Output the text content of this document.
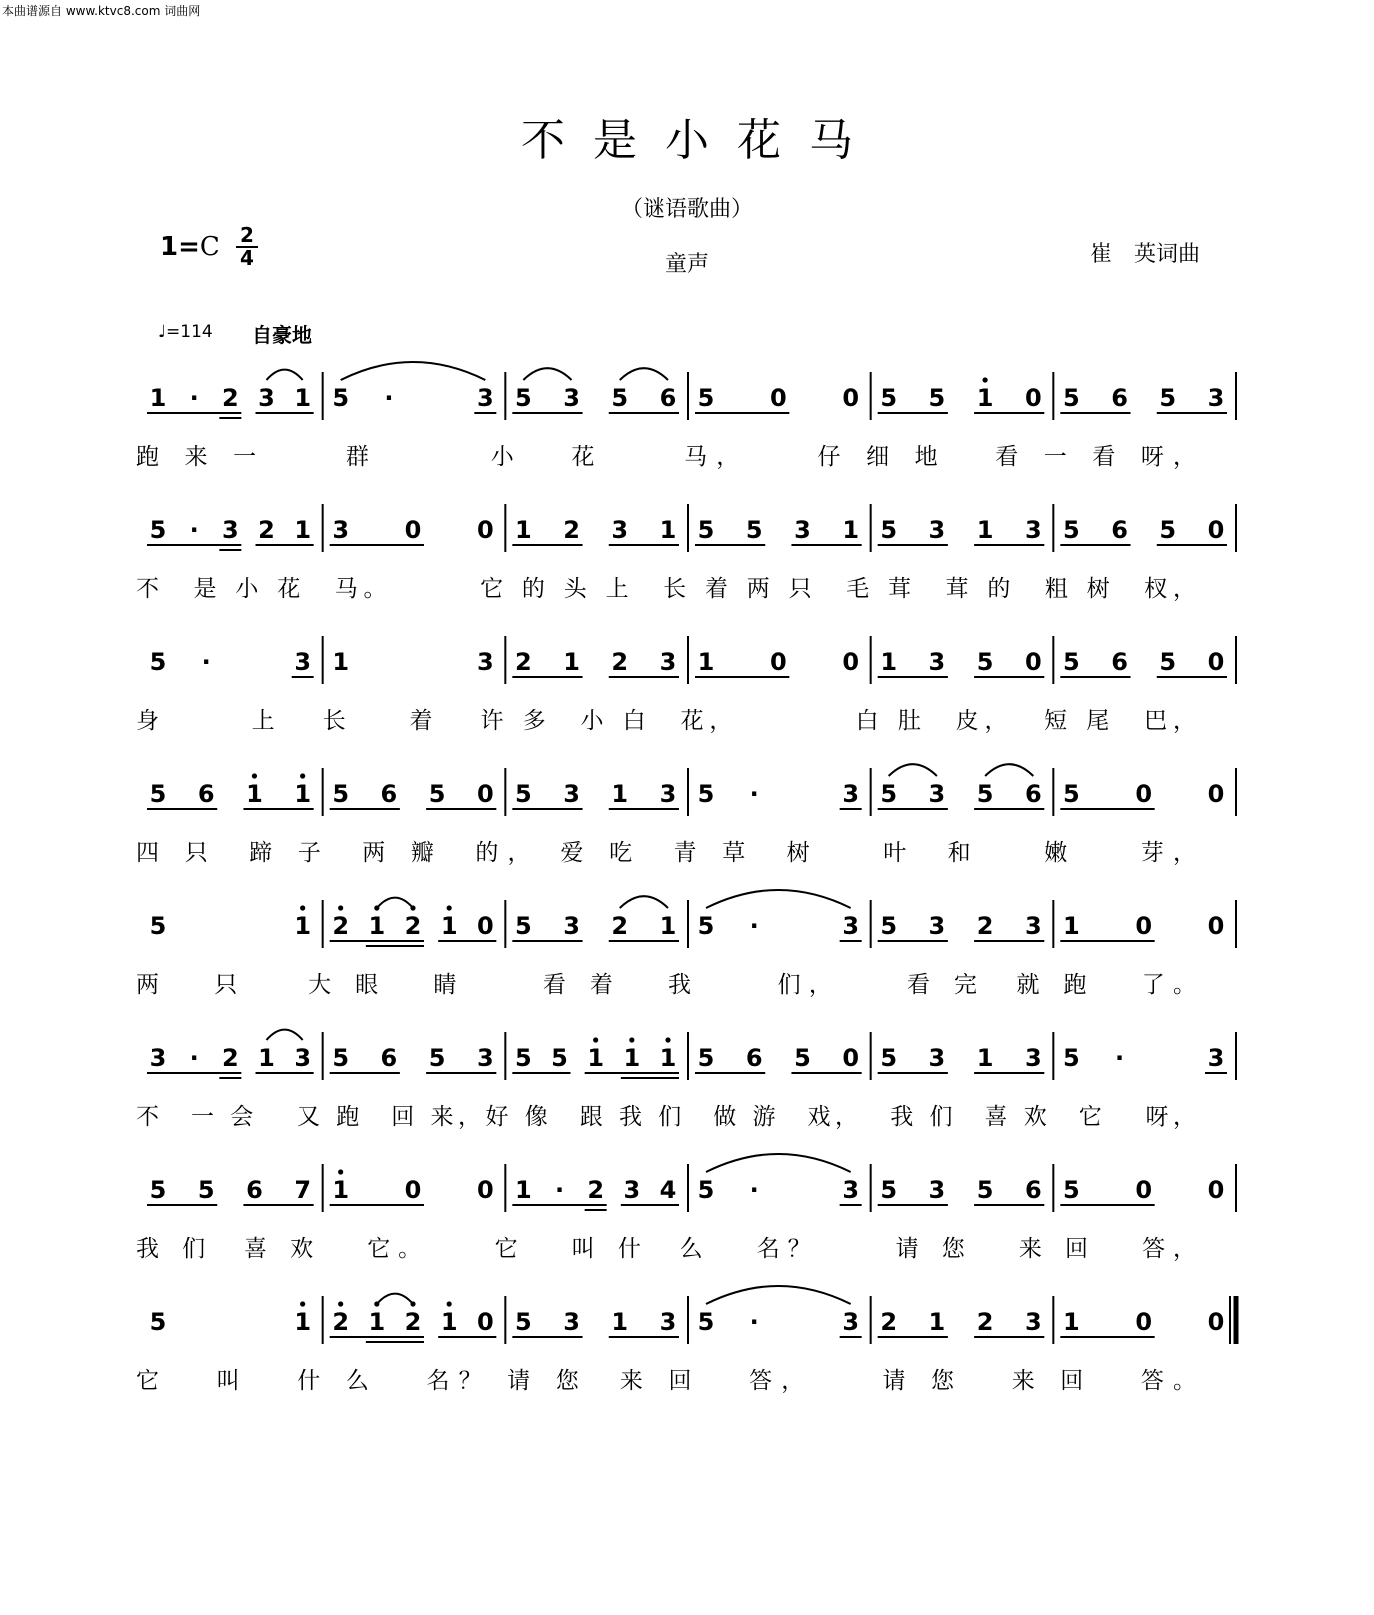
本曲谱源自 www.ktvc8.com 词曲网
不是小花马
（谜语歌曲）
1=C 2
4	童声	崔　英词曲
♩=114 自豪地
1 · 2 3 1 5 ·	3 5 3 5 6 5 0 0 5 5 1 0 5 6 5 3
跑 来 一　　 群　　　 小　 花　　 马，　　 仔 细 地　 看 一 看 呀，
5 · 3 2 1 3 0 0 1 2 3 1 5 5 3 1 5 3 1 3 5 6 5 0
不　是 小 花　马。　　　 它 的 头 上　长 着 两 只　毛 茸　茸 的　粗 树　杈，
5 ·	3 1	3 2 1 2 3 1 0 0 1 3 5 0 5 6 5 0
身　　　上　 长　　着　 许 多　小 白　花，　　　　 白 肚　皮，　 短 尾　巴，
5 6 1 1 5 6 5 0 5 3 1 3 5 ·	3 5 3 5 6 5 0 0
四 只　蹄 子　两 瓣　的，　爱 吃　青 草　树　　叶　和　　嫩　　芽，
5	1 2 1 2 1 0 5 3 2 1 5 ·	3 5 3 2 3 1 0 0
两　 只　　大 眼　 睛　　 看 着　 我　　 们，　　 看 完　就 跑　 了。
3 · 2 1 3 5 6 5 3 5 5 1 1 1 5 6 5 0 5 3 1 3 5 ·	3
不　一 会　 又 跑　回 来，好 像　跟 我 们　做 游　戏，　 我 们　喜 欢　它　 呀，
5 5 6 7 1 0 0 1 · 2 3 4 5 ·	3 5 3 5 6 5 0 0
我 们　喜 欢　 它。　　 它　 叫 什　么　 名？　　 请 您　 来 回　 答，
5	1 2 1 2 1 0 5 3 1 3 5 ·	3 2 1 2 3 1 0 0
它　 叫　 什 么　 名？ 请 您　来 回　 答，　　 请 您　 来 回　 答。
